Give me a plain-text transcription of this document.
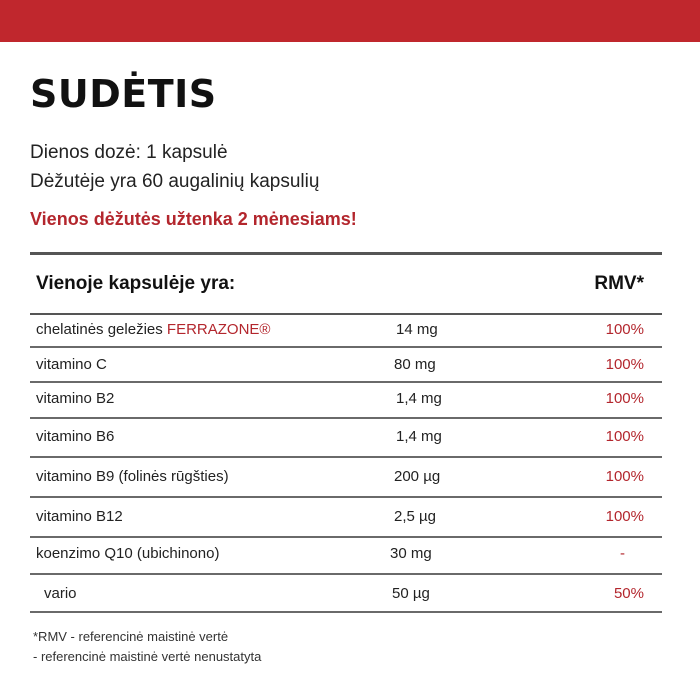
SUDĖTIS
Dienos dozė: 1 kapsulė
Dėžutėje yra 60 augalinių kapsulių
Vienos dėžutės užtenka 2 mėnesiams!
Vienoje kapsulėje yra:	RMV*
chelatinės geležies FERRAZONE®	14 mg	100%
vitamino C	80 mg	100%
vitamino B2	1,4 mg	100%
vitamino B6	1,4 mg	100%
vitamino B9 (folinės rūgšties)	200 µg	100%
vitamino B12	2,5 µg	100%
koenzimo Q10 (ubichinono)	30 mg	-
vario	50 µg	50%
*RMV - referencinė maistinė vertė
- referencinė maistinė vertė nenustatyta
